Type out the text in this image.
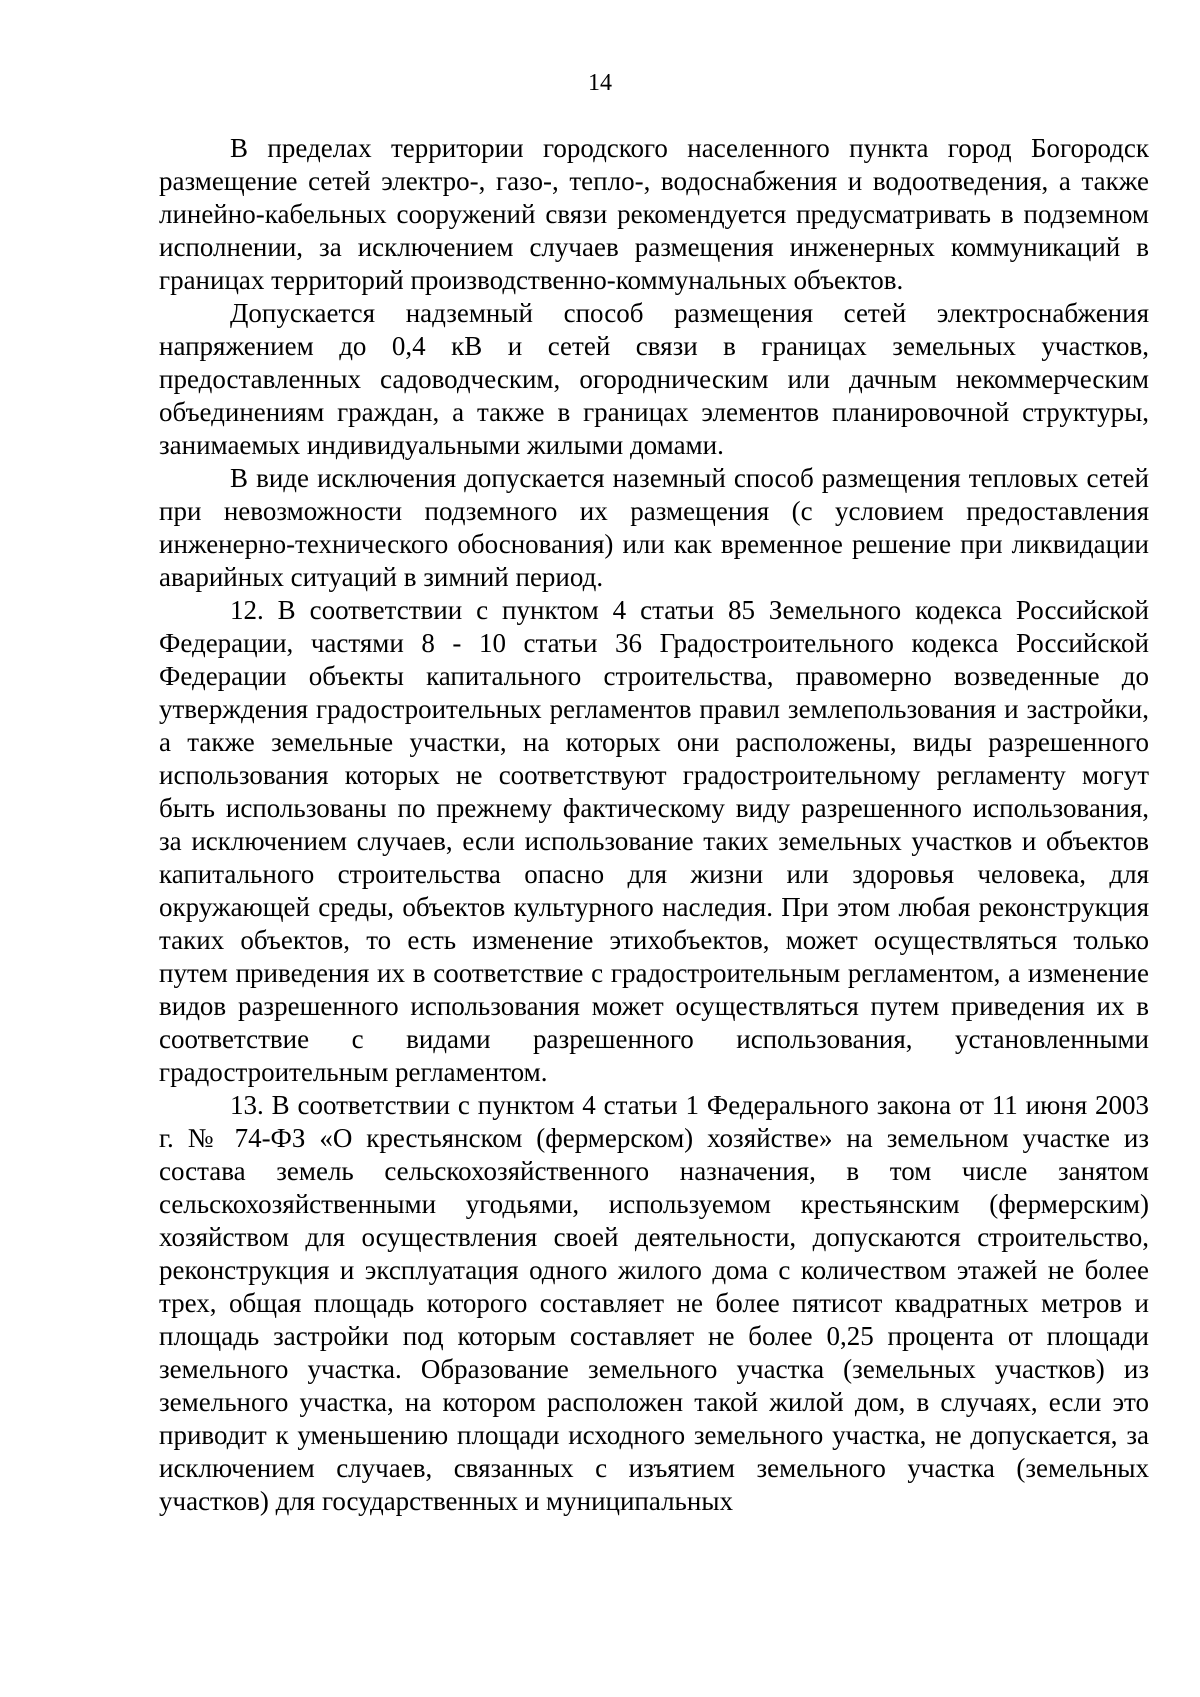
14

В пределах территории городского населенного пункта город Богородск размещение сетей электро-, газо-, тепло-, водоснабжения и водоотведения, а также линейно-кабельных сооружений связи рекомендуется предусматривать в подземном исполнении, за исключением случаев размещения инженерных коммуникаций в границах территорий производственно-коммунальных объектов.

Допускается надземный способ размещения сетей электроснабжения напряжением до 0,4 кВ и сетей связи в границах земельных участков, предоставленных садоводческим, огородническим или дачным некоммерческим объединениям граждан, а также в границах элементов планировочной структуры, занимаемых индивидуальными жилыми домами.

В виде исключения допускается наземный способ размещения тепловых сетей при невозможности подземного их размещения (с условием предоставления инженерно-технического обоснования) или как временное решение при ликвидации аварийных ситуаций в зимний период.

12. В соответствии с пунктом 4 статьи 85 Земельного кодекса Российской Федерации, частями 8 - 10 статьи 36 Градостроительного кодекса Российской Федерации объекты капитального строительства, правомерно возведенные до утверждения градостроительных регламентов правил землепользования и застройки, а также земельные участки, на которых они расположены, виды разрешенного использования которых не соответствуют градостроительному регламенту могут быть использованы по прежнему фактическому виду разрешенного использования, за исключением случаев, если использование таких земельных участков и объектов капитального строительства опасно для жизни или здоровья человека, для окружающей среды, объектов культурного наследия. При этом любая реконструкция таких объектов, то есть изменение этихобъектов, может осуществляться только путем приведения их в соответствие с градостроительным регламентом, а изменение видов разрешенного использования может осуществляться путем приведения их в соответствие с видами разрешенного использования, установленными градостроительным регламентом.

13. В соответствии с пунктом 4 статьи 1 Федерального закона от 11 июня 2003 г. № 74-ФЗ «О крестьянском (фермерском) хозяйстве» на земельном участке из состава земель сельскохозяйственного назначения, в том числе занятом сельскохозяйственными угодьями, используемом крестьянским (фермерским) хозяйством для осуществления своей деятельности, допускаются строительство, реконструкция и эксплуатация одного жилого дома с количеством этажей не более трех, общая площадь которого составляет не более пятисот квадратных метров и площадь застройки под которым составляет не более 0,25 процента от площади земельного участка. Образование земельного участка (земельных участков) из земельного участка, на котором расположен такой жилой дом, в случаях, если это приводит к уменьшению площади исходного земельного участка, не допускается, за исключением случаев, связанных с изъятием земельного участка (земельных участков) для государственных и муниципальных
